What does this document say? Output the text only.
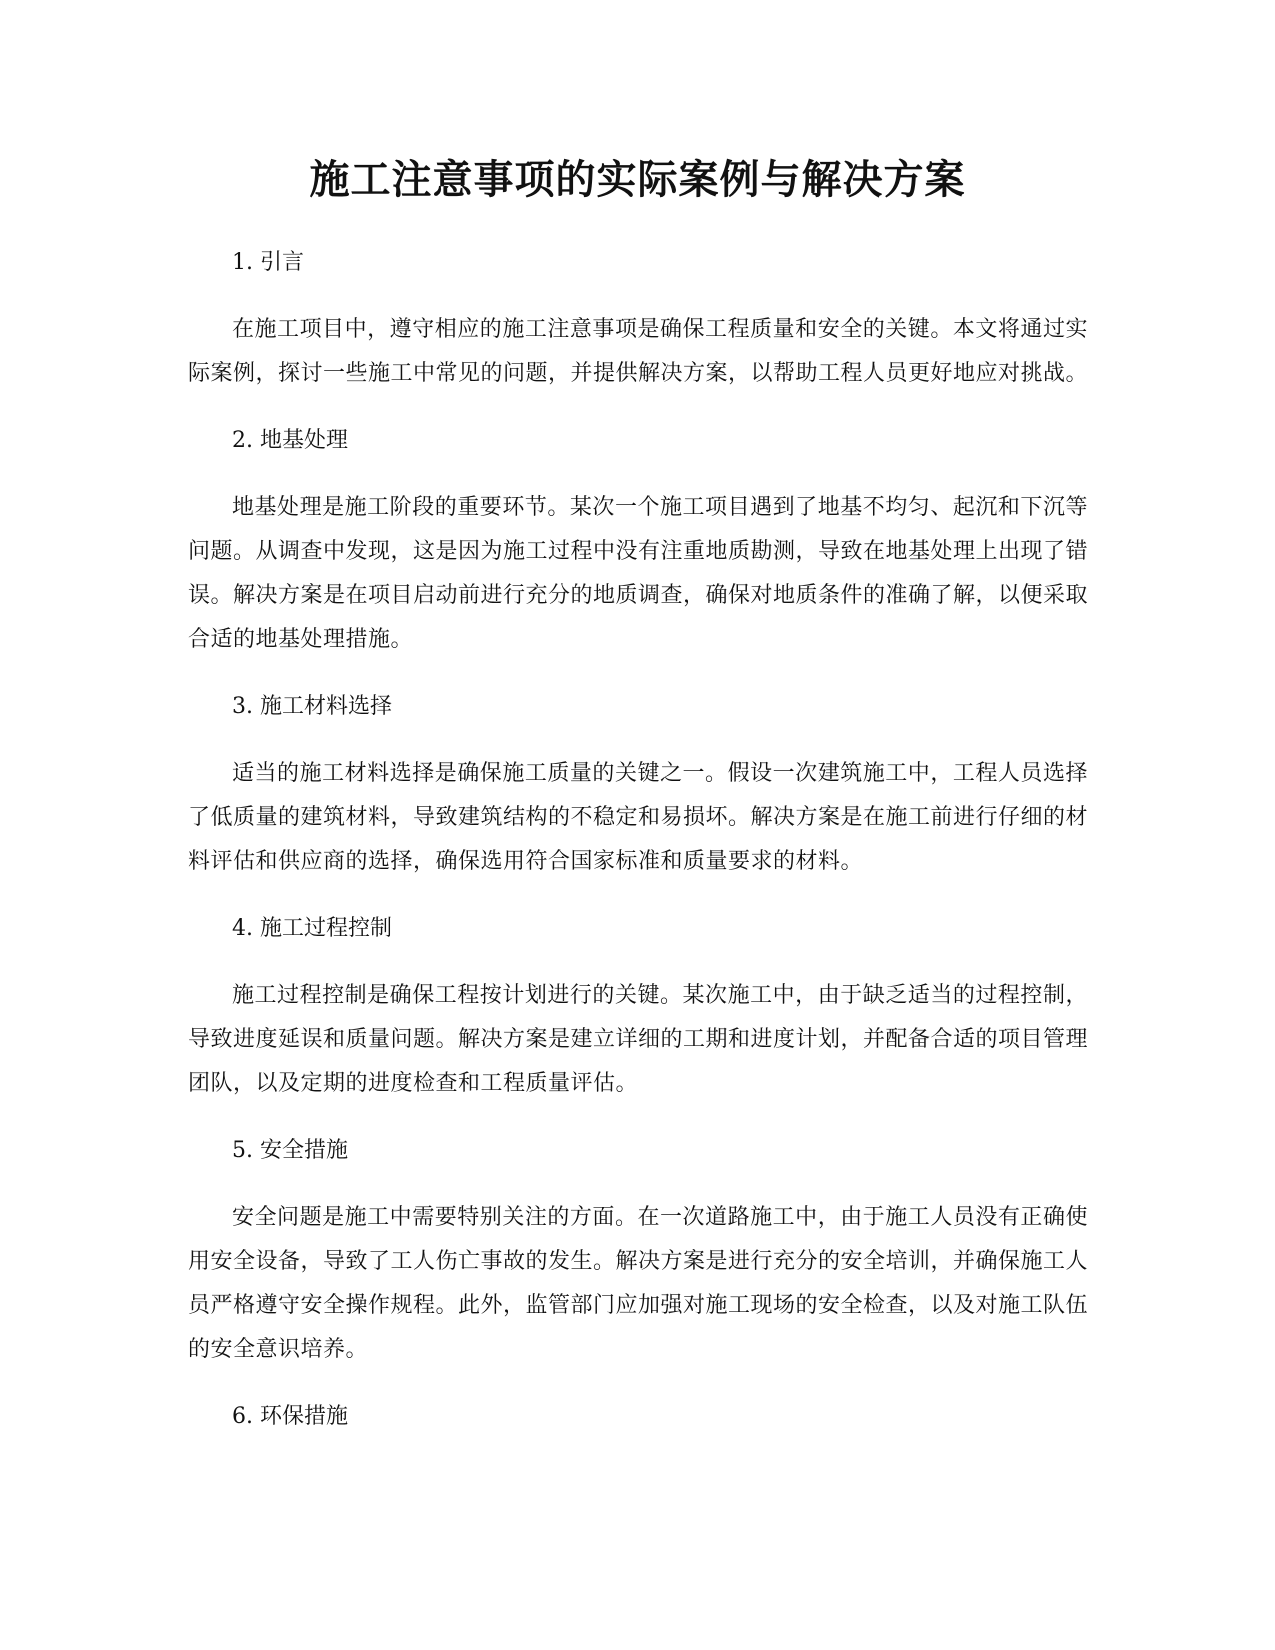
施工注意事项的实际案例与解决方案

1. 引言

在施工项目中，遵守相应的施工注意事项是确保工程质量和安全的关键。本文将通过实际案例，探讨一些施工中常见的问题，并提供解决方案，以帮助工程人员更好地应对挑战。

2. 地基处理

地基处理是施工阶段的重要环节。某次一个施工项目遇到了地基不均匀、起沉和下沉等问题。从调查中发现，这是因为施工过程中没有注重地质勘测，导致在地基处理上出现了错误。解决方案是在项目启动前进行充分的地质调查，确保对地质条件的准确了解，以便采取合适的地基处理措施。

3. 施工材料选择

适当的施工材料选择是确保施工质量的关键之一。假设一次建筑施工中，工程人员选择了低质量的建筑材料，导致建筑结构的不稳定和易损坏。解决方案是在施工前进行仔细的材料评估和供应商的选择，确保选用符合国家标准和质量要求的材料。

4. 施工过程控制

施工过程控制是确保工程按计划进行的关键。某次施工中，由于缺乏适当的过程控制，导致进度延误和质量问题。解决方案是建立详细的工期和进度计划，并配备合适的项目管理团队，以及定期的进度检查和工程质量评估。

5. 安全措施

安全问题是施工中需要特别关注的方面。在一次道路施工中，由于施工人员没有正确使用安全设备，导致了工人伤亡事故的发生。解决方案是进行充分的安全培训，并确保施工人员严格遵守安全操作规程。此外，监管部门应加强对施工现场的安全检查，以及对施工队伍的安全意识培养。

6. 环保措施
